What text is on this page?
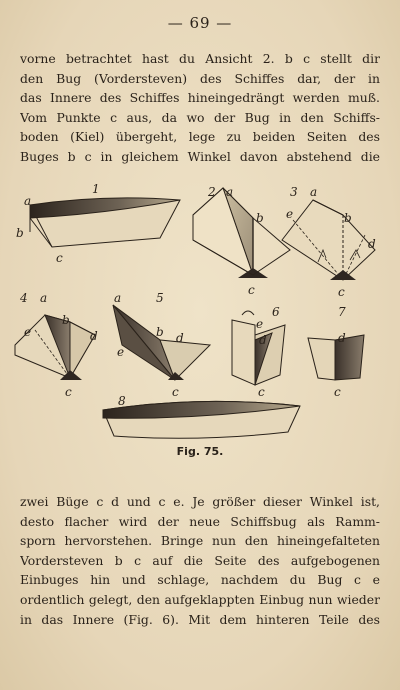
— 69 —
vorne betrachtet hast du Ansicht 2. b c stellt dir
den Bug (Vordersteven) des Schiffes dar, der in
das Innere des Schiffes hineingedrängt werden muß.
Vom Punkte c aus, da wo der Bug in den Schiffs-
boden (Kiel) übergeht, lege zu beiden Seiten des
Buges b c in gleichem Winkel davon abstehend die
1
a
b
c
2 a
b
c
3 a
e	b
d
c
4 a
e
b
d
c
5
a
b
e
d
c
6
e
d
c
7
d
c
8
Fig. 75.
zwei Büge c d und c e. Je größer dieser Winkel ist,
desto flacher wird der neue Schiffsbug als Ramm-
sporn hervorstehen. Bringe nun den hineingefalteten
Vordersteven b c auf die Seite des aufgebogenen
Einbuges hin und schlage, nachdem du Bug c e
ordentlich gelegt, den aufgeklappten Einbug nun wieder
in das Innere (Fig. 6). Mit dem hinteren Teile des
